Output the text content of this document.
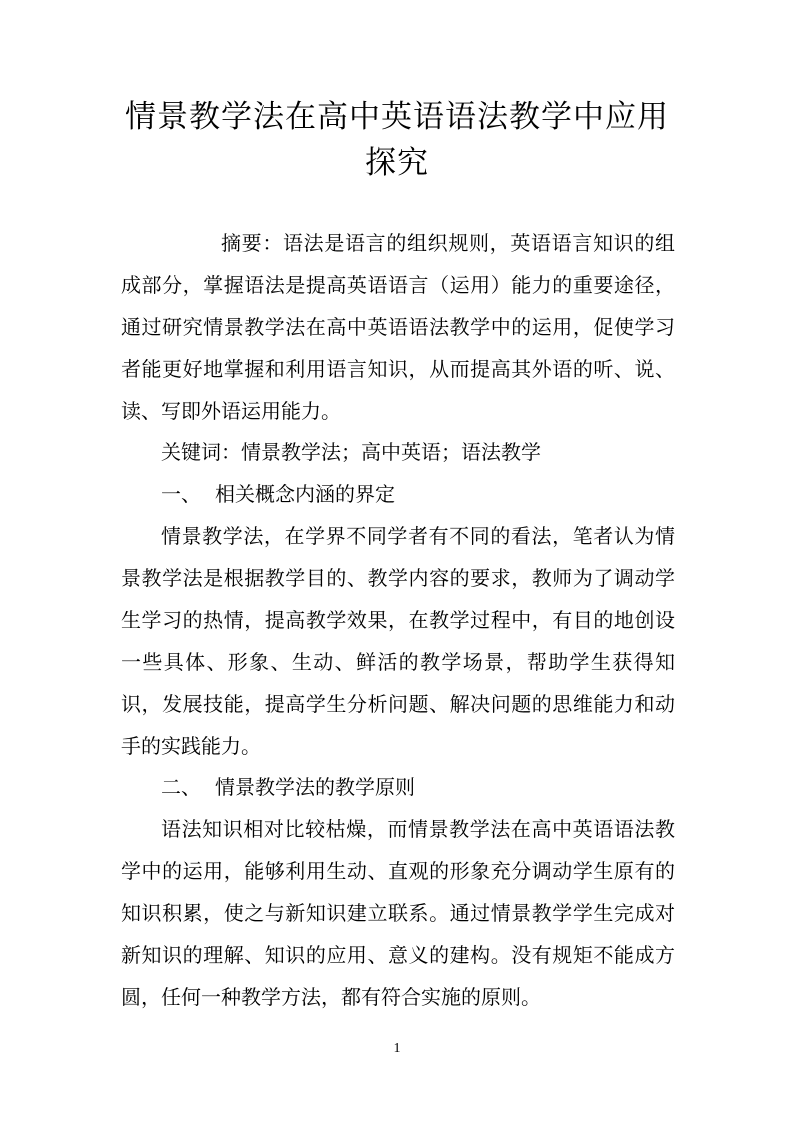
情景教学法在高中英语语法教学中应用探究

摘要：语法是语言的组织规则，英语语言知识的组成部分，掌握语法是提高英语语言（运用）能力的重要途径，通过研究情景教学法在高中英语语法教学中的运用，促使学习者能更好地掌握和利用语言知识，从而提高其外语的听、说、读、写即外语运用能力。

关键词：情景教学法；高中英语；语法教学

一、 相关概念内涵的界定

情景教学法，在学界不同学者有不同的看法，笔者认为情景教学法是根据教学目的、教学内容的要求，教师为了调动学生学习的热情，提高教学效果，在教学过程中，有目的地创设一些具体、形象、生动、鲜活的教学场景，帮助学生获得知识，发展技能，提高学生分析问题、解决问题的思维能力和动手的实践能力。

二、 情景教学法的教学原则

语法知识相对比较枯燥，而情景教学法在高中英语语法教学中的运用，能够利用生动、直观的形象充分调动学生原有的知识积累，使之与新知识建立联系。通过情景教学学生完成对新知识的理解、知识的应用、意义的建构。没有规矩不能成方圆，任何一种教学方法，都有符合实施的原则。

1
